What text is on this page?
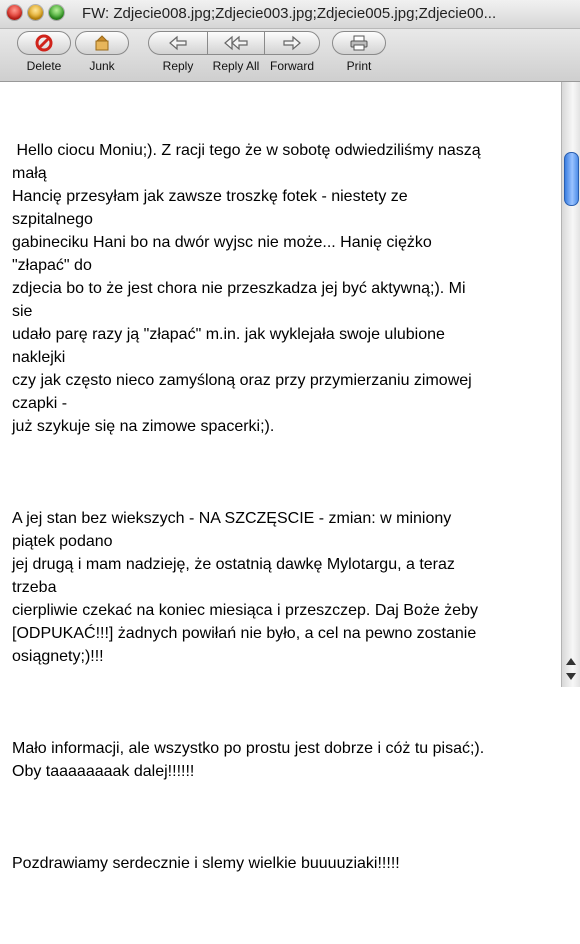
FW: Zdjecie008.jpg;Zdjecie003.jpg;Zdjecie005.jpg;Zdjecie00...
Delete	Junk	Reply	Reply All Forward	Print

Hello ciocu Moniu;). Z racji tego że w sobotę odwiedziliśmy naszą
małą
Hancię przesyłam jak zawsze troszkę fotek - niestety ze
szpitalnego
gabineciku Hani bo na dwór wyjsc nie może... Hanię ciężko
"złapać" do
zdjecia bo to że jest chora nie przeszkadza jej być aktywną;). Mi
sie
udało parę razy ją "złapać" m.in. jak wyklejała swoje ulubione
naklejki
czy jak często nieco zamyśloną oraz przy przymierzaniu zimowej
czapki -
już szykuje się na zimowe spacerki;).

A jej stan bez wiekszych - NA SZCZĘSCIE - zmian: w miniony
piątek podano
jej drugą i mam nadzieję, że ostatnią dawkę Mylotargu, a teraz
trzeba
cierpliwie czekać na koniec miesiąca i przeszczep. Daj Boże żeby
[ODPUKAĆ!!!] żadnych powiłań nie było, a cel na pewno zostanie
osiągnety;)!!!

Mało informacji, ale wszystko po prostu jest dobrze i cóż tu pisać;).
Oby taaaaaaaak dalej!!!!!!

Pozdrawiamy serdecznie i slemy wielkie buuuuziaki!!!!!
